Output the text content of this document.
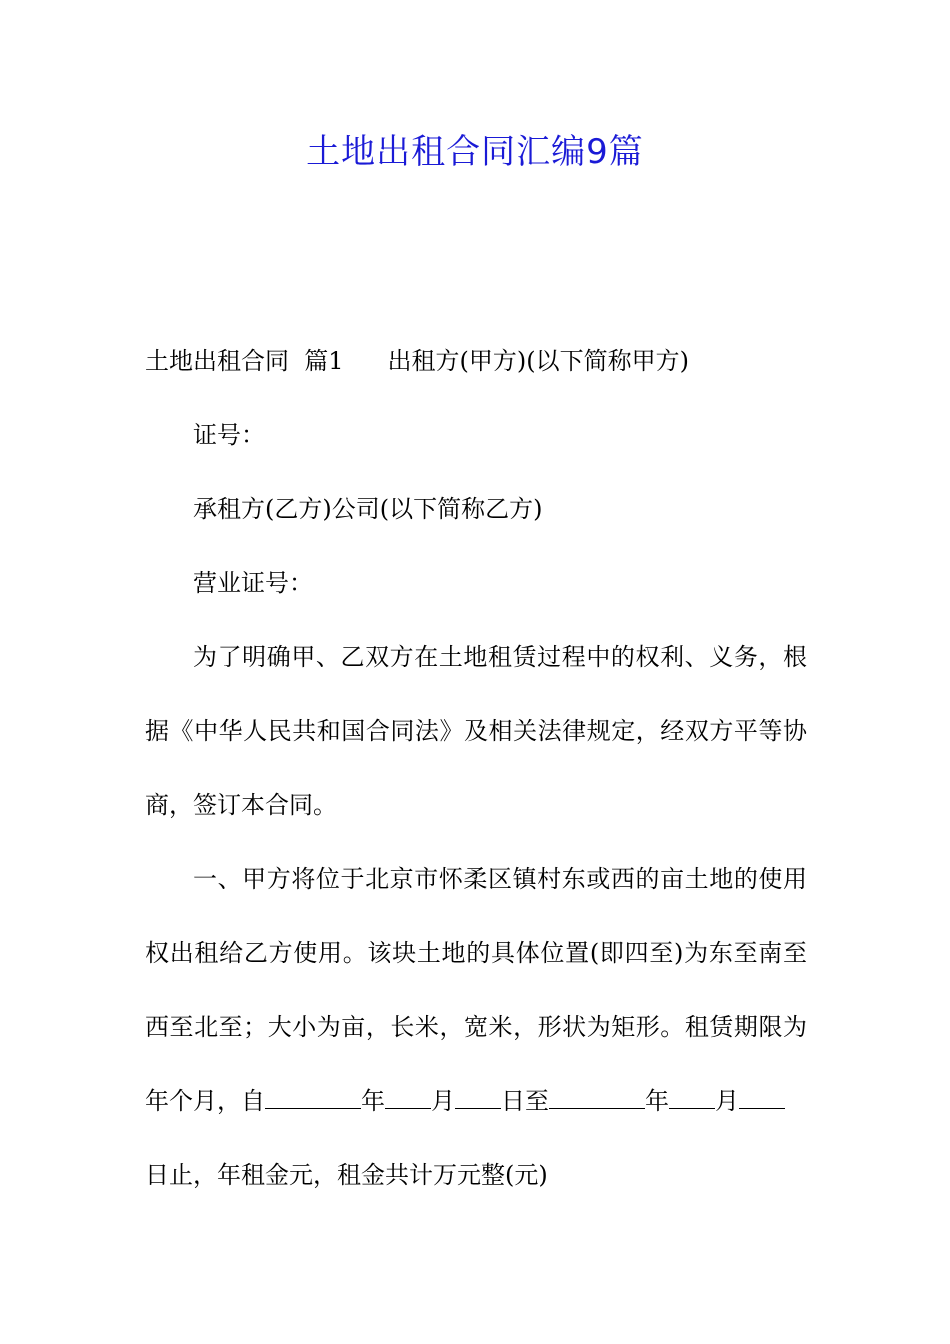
土地出租合同汇编9篇
土地出租合同  篇1 出租方(甲方)(以下简称甲方)
证号：
承租方(乙方)公司(以下简称乙方)
营业证号：
为了明确甲、乙双方在土地租赁过程中的权利、义务，根
据《中华人民共和国合同法》及相关法律规定，经双方平等协
商，签订本合同。
一、甲方将位于北京市怀柔区镇村东或西的亩土地的使用
权出租给乙方使用。该块土地的具体位置(即四至)为东至南至
西至北至；大小为亩，长米，宽米，形状为矩形。租赁期限为
年个月，自	年 月 日至	年 月
日止，年租金元，租金共计万元整(元)
